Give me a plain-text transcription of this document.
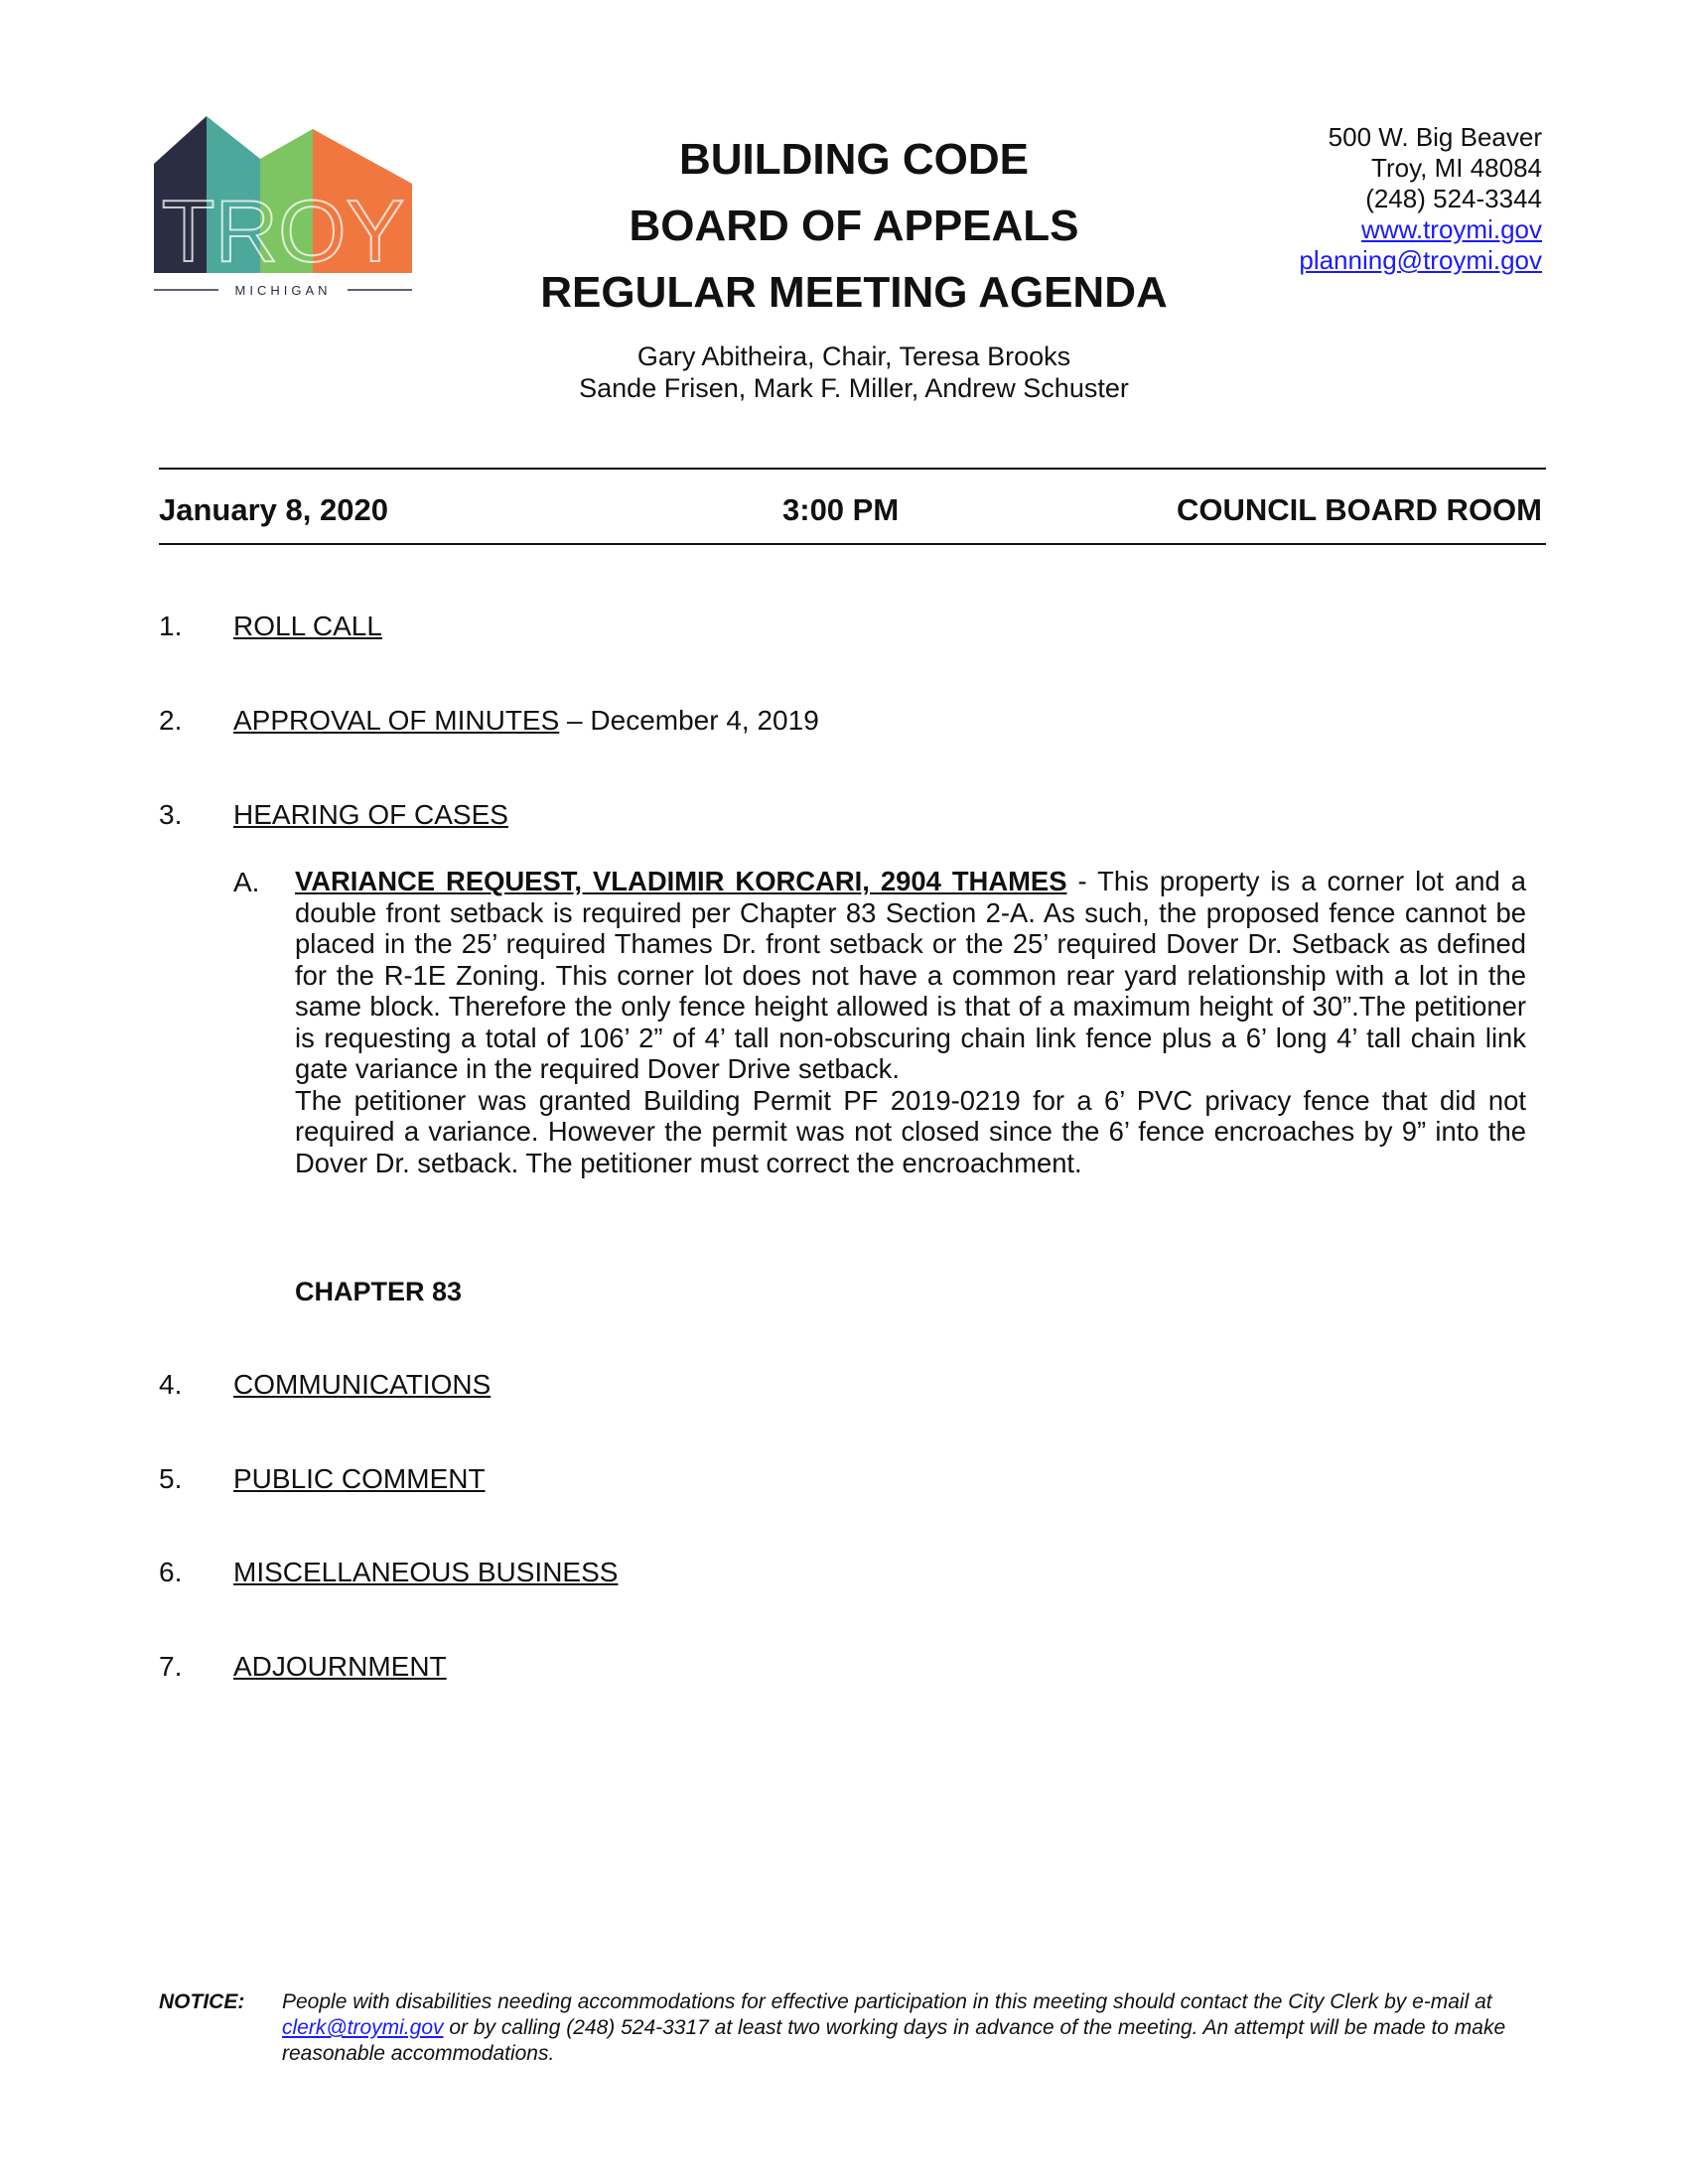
TROY
MICHIGAN
BUILDING CODE
BOARD OF APPEALS
REGULAR MEETING AGENDA
Gary Abitheira, Chair, Teresa Brooks
Sande Frisen, Mark F. Miller, Andrew Schuster
500 W. Big Beaver
Troy, MI 48084
(248) 524-3344
www.troymi.gov
planning@troymi.gov
January 8, 2020	3:00 PM	COUNCIL BOARD ROOM
1. ROLL CALL
2. APPROVAL OF MINUTES – December 4, 2019
3. HEARING OF CASES
A. VARIANCE REQUEST, VLADIMIR KORCARI, 2904 THAMES - This property is a corner lot and a double front setback is required per Chapter 83 Section 2-A. As such, the proposed fence cannot be placed in the 25’ required Thames Dr. front setback or the 25’ required Dover Dr. Setback as defined for the R-1E Zoning. This corner lot does not have a common rear yard relationship with a lot in the same block. Therefore the only fence height allowed is that of a maximum height of 30”.The petitioner is requesting a total of 106’ 2” of 4’ tall non-obscuring chain link fence plus a 6’ long 4’ tall chain link gate variance in the required Dover Drive setback.

The petitioner was granted Building Permit PF 2019-0219 for a 6’ PVC privacy fence that did not required a variance. However the permit was not closed since the 6’ fence encroaches by 9” into the Dover Dr. setback. The petitioner must correct the encroachment.

CHAPTER 83
4. COMMUNICATIONS
5. PUBLIC COMMENT
6. MISCELLANEOUS BUSINESS
7. ADJOURNMENT
NOTICE: People with disabilities needing accommodations for effective participation in this meeting should contact the City Clerk by e-mail at clerk@troymi.gov or by calling (248) 524-3317 at least two working days in advance of the meeting. An attempt will be made to make reasonable accommodations.
